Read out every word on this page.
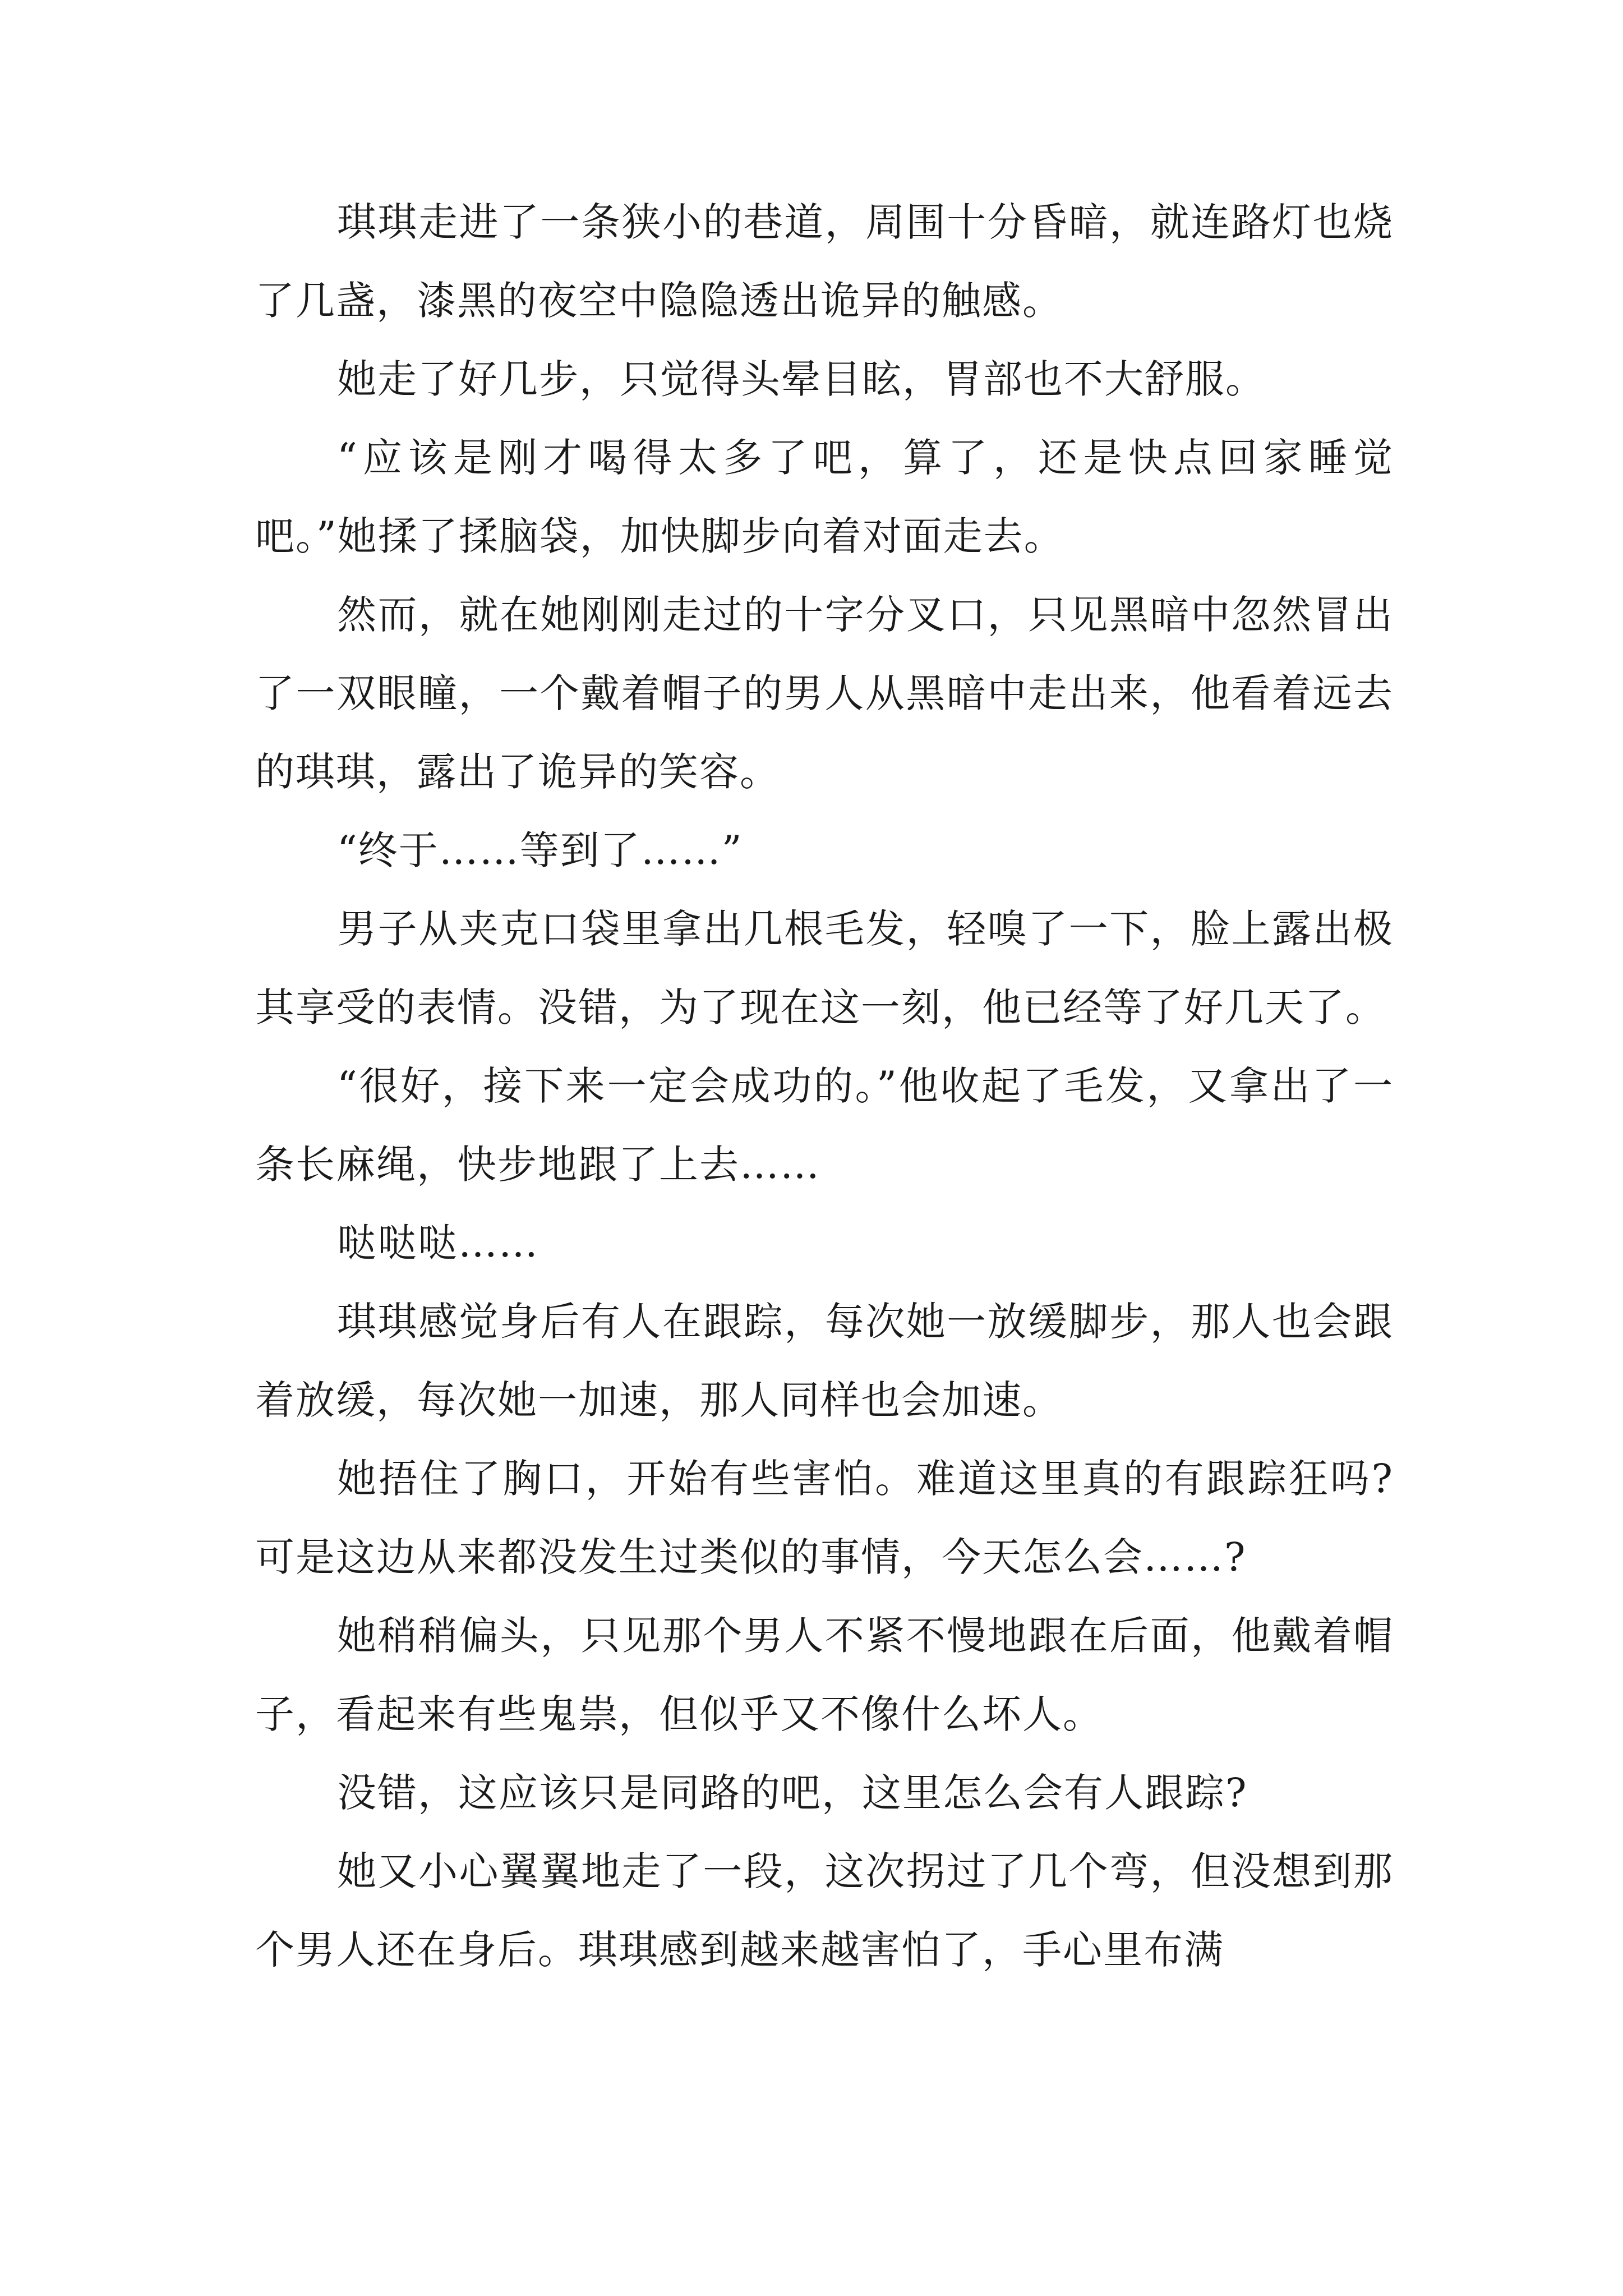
琪琪走进了一条狭小的巷道，周围十分昏暗，就连路灯也烧了几盏，漆黑的夜空中隐隐透出诡异的触感。

她走了好几步，只觉得头晕目眩，胃部也不大舒服。

“应该是刚才喝得太多了吧，算了，还是快点回家睡觉吧。”她揉了揉脑袋，加快脚步向着对面走去。

然而，就在她刚刚走过的十字分叉口，只见黑暗中忽然冒出了一双眼瞳，一个戴着帽子的男人从黑暗中走出来，他看着远去的琪琪，露出了诡异的笑容。

“终于……等到了……”

男子从夹克口袋里拿出几根毛发，轻嗅了一下，脸上露出极其享受的表情。没错，为了现在这一刻，他已经等了好几天了。

“很好，接下来一定会成功的。”他收起了毛发，又拿出了一条长麻绳，快步地跟了上去……

哒哒哒……

琪琪感觉身后有人在跟踪，每次她一放缓脚步，那人也会跟着放缓，每次她一加速，那人同样也会加速。

她捂住了胸口，开始有些害怕。难道这里真的有跟踪狂吗?可是这边从来都没发生过类似的事情，今天怎么会……?

她稍稍偏头，只见那个男人不紧不慢地跟在后面，他戴着帽子，看起来有些鬼祟，但似乎又不像什么坏人。

没错，这应该只是同路的吧，这里怎么会有人跟踪?

她又小心翼翼地走了一段，这次拐过了几个弯，但没想到那个男人还在身后。琪琪感到越来越害怕了，手心里布满
